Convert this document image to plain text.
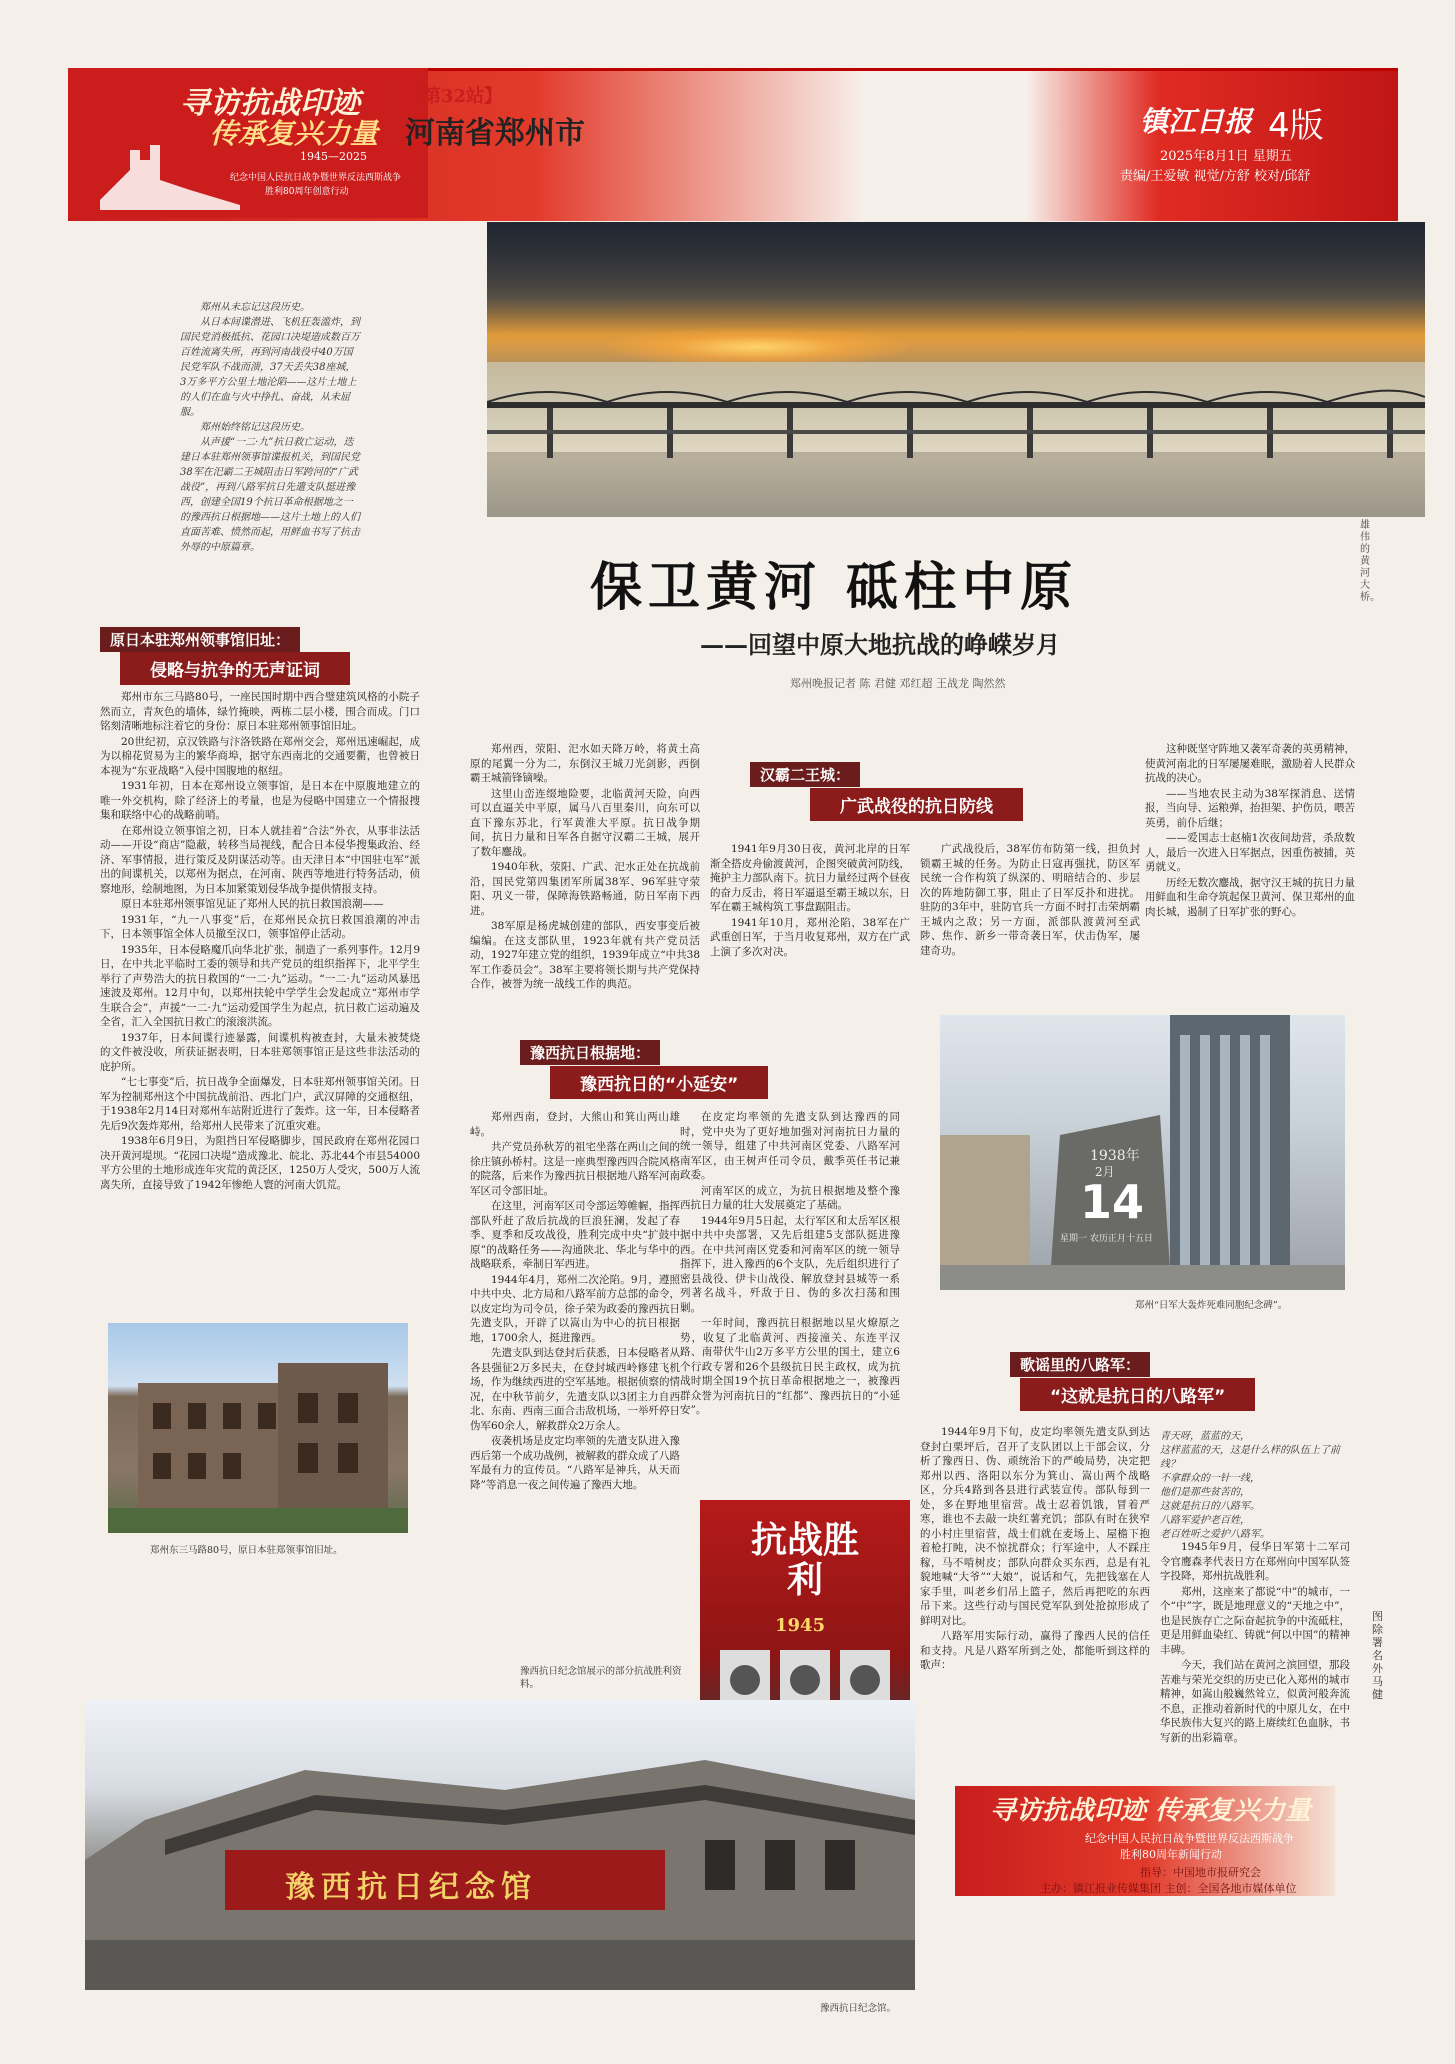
寻访抗战印迹
传承复兴力量
1945—2025
纪念中国人民抗日战争暨世界反法西斯战争
胜利80周年创意行动
【第32站】
河南省郑州市	镇江日报 4版
2025年8月1日 星期五
责编/王爱敏 视觉/方舒 校对/邱舒
雄伟的黄河大桥。

郑州从未忘记这段历史。

从日本间谍潜进、飞机狂轰滥炸，到国民党消极抵抗、花园口决堤造成数百万百姓流离失所，再到河南战役中40万国民党军队不战而溃，37天丢失38座城，3万多平方公里土地沦陷——这片土地上的人们在血与火中挣扎、奋战，从未屈服。

郑州始终铭记这段历史。

从声援“一二·九”抗日救亡运动，迭建日本驻郑州领事馆谍报机关，到国民党38军在汜霸二王城阻击日军跨河的“广武战役”，再到八路军抗日先遣支队挺进豫西，创建全国19个抗日革命根据地之一的豫西抗日根据地——这片土地上的人们直面苦难、愤然而起，用鲜血书写了抗击外辱的中原篇章。

保卫黄河 砥柱中原
——回望中原大地抗战的峥嵘岁月
郑州晚报记者 陈 君健 邓红超 王战龙 陶然然
原日本驻郑州领事馆旧址：
侵略与抗争的无声证词

郑州市东三马路80号，一座民国时期中西合璧建筑风格的小院子然而立，青灰色的墙体，绿竹掩映，两栋二层小楼，围合而成。门口铭刻清晰地标注着它的身份：原日本驻郑州领事馆旧址。

20世纪初，京汉铁路与汴洛铁路在郑州交会，郑州迅速崛起，成为以棉花贸易为主的繁华商埠，据守东西南北的交通要衢，也曾被日本视为“东亚战略”入侵中国腹地的枢纽。

1931年初，日本在郑州设立领事馆，是日本在中原腹地建立的唯一外交机构，除了经济上的考量，也是为侵略中国建立一个情报搜集和联络中心的战略前哨。

在郑州设立领事馆之初，日本人就挂着“合法”外衣，从事非法活动——开设“商店”隐蔽，转移当局视线，配合日本侵华搜集政治、经济、军事情报，进行策反及阴谋活动等。由天津日本“中国驻屯军”派出的间谍机关，以郑州为据点，在河南、陕西等地进行特务活动，侦察地形，绘制地图，为日本加紧策划侵华战争提供情报支持。

原日本驻郑州领事馆见证了郑州人民的抗日救国浪潮——

1931年，“九一八事变”后，在郑州民众抗日救国浪潮的冲击下，日本领事馆全体人员撤至汉口，领事馆停止活动。

1935年，日本侵略魔爪向华北扩张，制造了一系列事件。12月9日，在中共北平临时工委的领导和共产党员的组织指挥下，北平学生举行了声势浩大的抗日救国的“一二·九”运动。“一二·九”运动风暴迅速波及郑州。12月中旬，以郑州扶轮中学学生会发起成立“郑州市学生联合会”，声援“一二·九”运动爱国学生为起点，抗日救亡运动遍及全省，汇入全国抗日救亡的滚滚洪流。

1937年，日本间谍行迹暴露，间谍机构被查封，大量未被焚烧的文件被没收，所获证据表明，日本驻郑领事馆正是这些非法活动的庇护所。

“七七事变”后，抗日战争全面爆发，日本驻郑州领事馆关闭。日军为控制郑州这个中国抗战前沿、西北门户，武汉屏障的交通枢纽，于1938年2月14日对郑州车站附近进行了轰炸。这一年，日本侵略者先后9次轰炸郑州，给郑州人民带来了沉重灾难。

1938年6月9日，为阻挡日军侵略脚步，国民政府在郑州花园口决开黄河堤坝。“花园口决堤”造成豫北、皖北、苏北44个市县54000平方公里的土地形成连年灾荒的黄泛区，1250万人受灾，500万人流离失所，直接导致了1942年惨绝人寰的河南大饥荒。

郑州东三马路80号，原日本驻郑领事馆旧址。

郑州西，荥阳、汜水如天降万岭，将黄土高原的尾翼一分为二，东倒汉王城刀光剑影，西倒霸王城箭锋镝噪。

这里山峦连缀地险要，北临黄河天险，向西可以直逼关中平原，属马八百里秦川，向东可以直下豫东苏北，行军黄淮大平原。抗日战争期间，抗日力量和日军各自据守汉霸二王城，展开了数年鏖战。

1940年秋，荥阳、广武、汜水正处在抗战前沿，国民党第四集团军所属38军、96军驻守荥阳、巩义一带，保障海铁路畅通，防日军南下西进。

38军原是杨虎城创建的部队，西安事变后被编编。在这支部队里，1923年就有共产党员活动，1927年建立党的组织，1939年成立“中共38军工作委员会”。38军主要将领长期与共产党保持合作，被誉为统一战线工作的典范。

1941年9月30日夜，黄河北岸的日军渐全搭皮舟偷渡黄河，企图突破黄河防线，掩护主力部队南下。抗日力量经过两个昼夜的奋力反击，将日军逼退至霸王城以东，日军在霸王城构筑工事盘踞阻击。

1941年10月，郑州沦陷，38军在广武重创日军，于当月收复郑州，双方在广武上演了多次对决。

汉霸二王城：
广武战役的抗日防线

广武战役后，38军仿布防第一线，担负封锁霸王城的任务。为防止日寇再强扰，防区军民统一合作构筑了纵深的、明暗结合的、步层次的阵地防御工事，阻止了日军反扑和进扰。驻防的3年中，驻防官兵一方面不时打击荣炳霸王城内之敌；另一方面，派部队渡黄河至武陟、焦作、新乡一带奇袭日军，伏击伪军，屡建奇功。

这种既坚守阵地又袭军奇袭的英勇精神，使黄河南北的日军屡屡难眠，激励着人民群众抗战的决心。

——当地农民主动为38军探消息、送情报，当向导、运粮弹，抬担架、护伤员，喂苦英勇，前仆后继；

——爱国志士赵楠1次夜间劫营，杀敌数人，最后一次进入日军据点，因重伤被捕，英勇就义。

历经无数次鏖战，据守汉王城的抗日力量用鲜血和生命夺筑起保卫黄河、保卫郑州的血肉长城，遏制了日军扩张的野心。

豫西抗日根据地：
豫西抗日的“小延安”

郑州西南，登封，大熊山和箕山两山雄峙。

共产党员孙秋芳的祖宅坐落在两山之间的徐庄镇孙桥村。这是一座典型豫西四合院风格的院落，后来作为豫西抗日根据地八路军河南军区司令部旧址。

在这里，河南军区司令部运筹帷幄，指挥部队歼赶了敌后抗战的巨浪狂澜，发起了春季、夏季和反攻战役，胜利完成中央“扩鼓中原”的战略任务——沟通陕北、华北与华中的战略联系，牵制日军西进。

1944年4月，郑州二次沦陷。9月，遵照中共中央、北方局和八路军前方总部的命令，以皮定均为司令员，徐子荣为政委的豫西抗日先遣支队，开辟了以嵩山为中心的抗日根据地，1700余人，挺进豫西。

先遣支队到达登封后获悉，日本侵略者从各县强征2万多民夫，在登封城西岭修建飞机场，作为继续西进的空军基地。根据侦察的情况，在中秋节前夕，先遣支队以3团主力自西北、东南、西南三面合击敌机场，一举歼停日伪军60余人，解救群众2万余人。

夜袭机场是皮定均率领的先遣支队进入豫西后第一个成功战例，被解救的群众成了八路军最有力的宣传员。“八路军是神兵，从天而降”等消息一夜之间传遍了豫西大地。

在皮定均率领的先遣支队到达豫西的同时，党中央为了更好地加强对河南抗日力量的统一领导，组建了中共河南区党委、八路军河南军区，由王树声任司令员，戴季英任书记兼政委。

河南军区的成立，为抗日根据地及整个豫西抗日力量的壮大发展奠定了基础。

1944年9月5日起，太行军区和太岳军区根据中共中央部署，又先后组建5支部队挺进豫西。在中共河南区党委和河南军区的统一领导指挥下，进入豫西的6个支队，先后组织进行了密县战役、伊卡山战役、解放登封县城等一系列著名战斗，歼敌于日、伪的多次扫荡和围剿。

一年时间，豫西抗日根据地以星火燎原之势，收复了北临黄河、西接潼关、东连平汉路、南带伏牛山2万多平方公里的国土，建立6个行政专署和26个县级抗日民主政权，成为抗战时期全国19个抗日革命根据地之一，被豫西群众誉为河南抗日的“红都”、豫西抗日的“小延安”。

1938年
2月
14
星期一 农历正月十五日
郑州“日军大轰炸死难同胞纪念碑”。
歌谣里的八路军：
“这就是抗日的八路军”

1944年9月下旬，皮定均率领先遣支队到达登封白栗坪后，召开了支队团以上干部会议，分析了豫西日、伪、顽统治下的严峻局势，决定把郑州以西、洛阳以东分为箕山、嵩山两个战略区，分兵4路到各县进行武装宣传。部队每到一处，多在野地里宿营。战士忍着饥饿，冒着严寒，谁也不去敲一块红薯充饥；部队有时在狭窄的小村庄里宿营，战士们就在麦场上、屋檐下抱着枪打盹，决不惊扰群众；行军途中，人不踩庄稼，马不啃树皮；部队向群众买东西，总是有礼貌地喊“大爷”“大娘”，说话和气，先把钱塞在人家手里，叫老乡们吊上篮子，然后再把吃的东西吊下来。这些行动与国民党军队到处抢掠形成了鲜明对比。

八路军用实际行动，赢得了豫西人民的信任和支持。凡是八路军所到之处，都能听到这样的歌声：

青天呀，蓝蓝的天，
这样蓝蓝的天，这是什么样的队伍上了前线？
不拿群众的一针一线，
他们是那些贫苦的，
这就是抗日的八路军。
八路军爱护老百姓，
老百姓听之爱护八路军。

1945年9月，侵华日军第十二军司令官鹰森孝代表日方在郑州向中国军队签字投降，郑州抗战胜利。

郑州，这座来了都说“中”的城市，一个“中”字，既是地理意义的“天地之中”，也是民族存亡之际奋起抗争的中流砥柱，更是用鲜血染红、铸就“何以中国”的精神丰碑。

今天，我们站在黄河之滨回望，那段苦难与荣光交织的历史已化入郑州的城市精神，如嵩山般巍然耸立，似黄河般奔流不息，正推动着新时代的中原儿女，在中华民族伟大复兴的路上赓续红色血脉，书写新的出彩篇章。

抗战胜利
1945
豫西抗日纪念馆展示的部分抗战胜利资料。
豫西抗日纪念馆
豫西抗日纪念馆。
寻访抗战印迹 传承复兴力量
纪念中国人民抗日战争暨世界反法西斯战争
胜利80周年新闻行动
指导：中国地市报研究会
主办：镇江报业传媒集团 主创：全国各地市媒体单位
图除署名外 马健
